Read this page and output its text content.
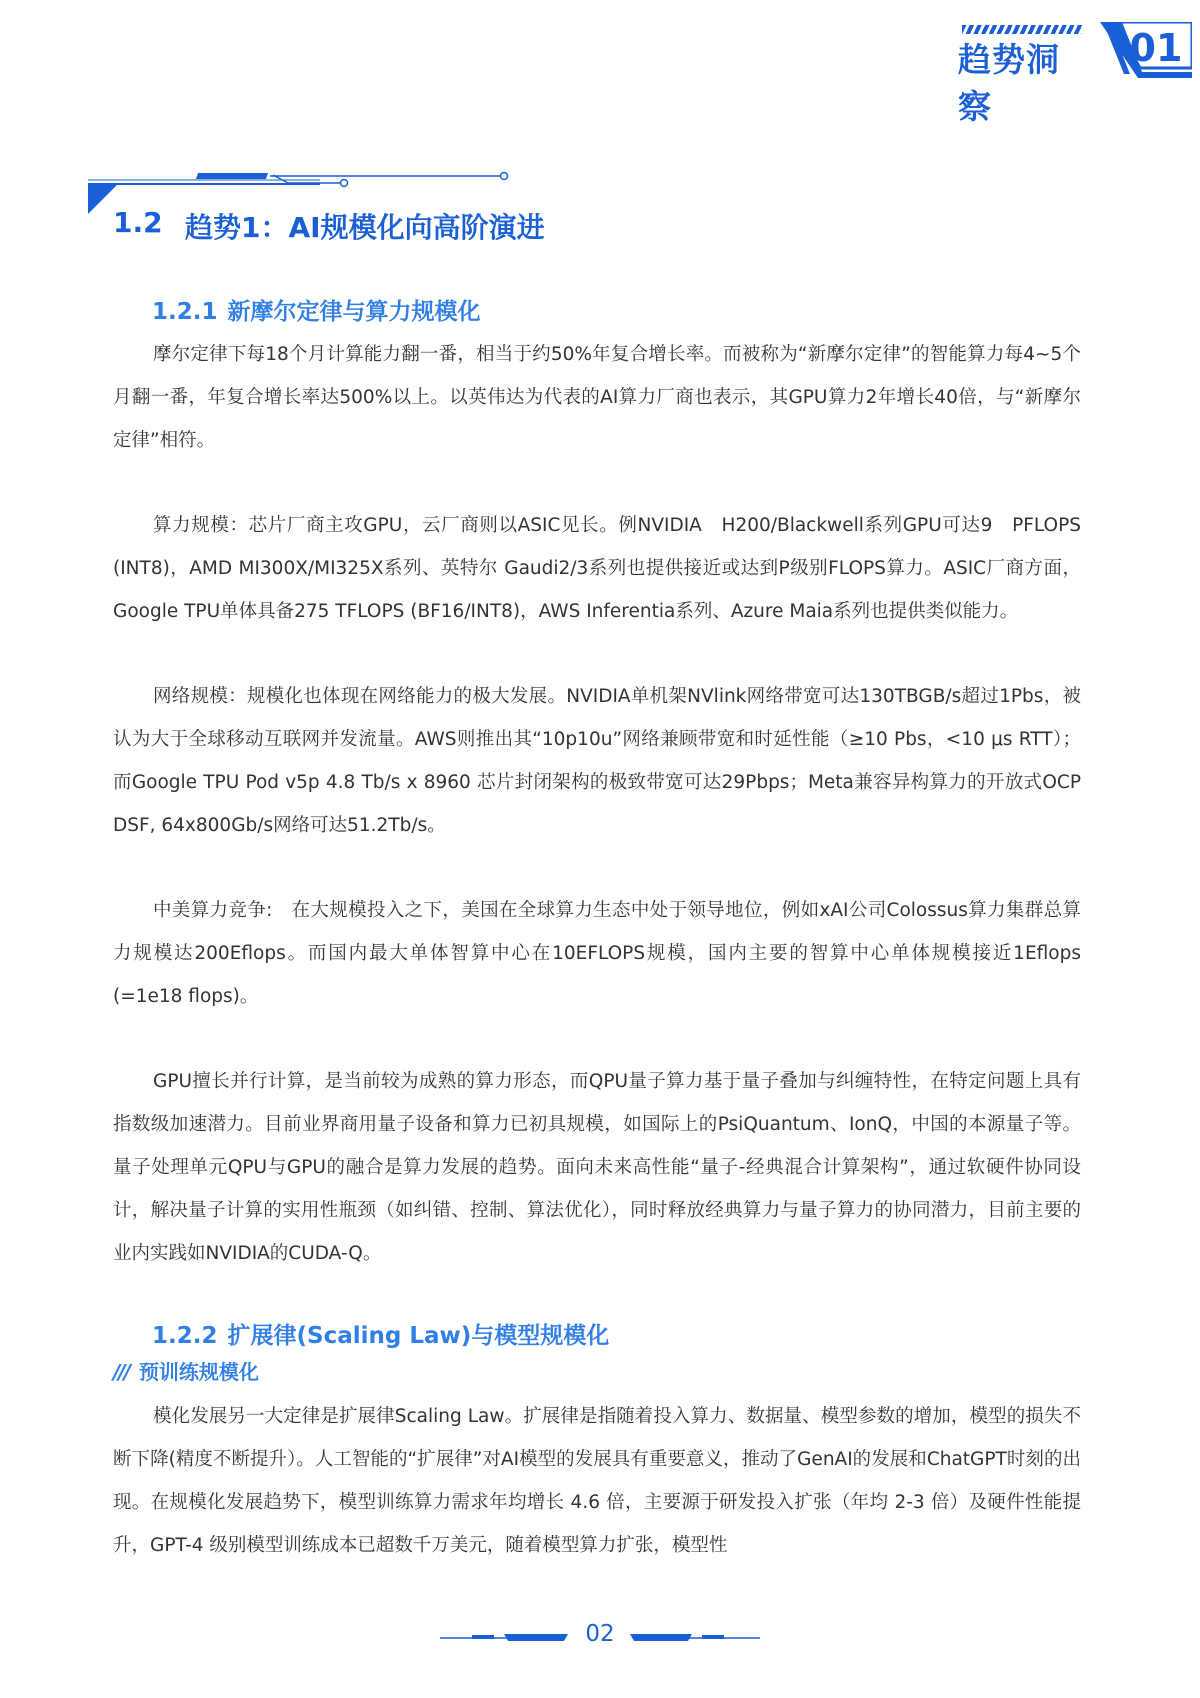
趋势洞察
01
1.2 趋势1：AI规模化向高阶演进
1.2.1 新摩尔定律与算力规模化
摩尔定律下每18个月计算能力翻一番，相当于约50%年复合增长率。而被称为“新摩尔定律”的智能算力每4~5个月翻一番，年复合增长率达500%以上。以英伟达为代表的AI算力厂商也表示，其GPU算力2年增长40倍，与“新摩尔定律”相符。
算力规模：芯片厂商主攻GPU，云厂商则以ASIC见长。例NVIDIA　H200/Blackwell系列GPU可达9　PFLOPS (INT8)，AMD MI300X/MI325X系列、英特尔 Gaudi2/3系列也提供接近或达到P级别FLOPS算力。ASIC厂商方面，Google TPU单体具备275 TFLOPS (BF16/INT8)，AWS Inferentia系列、Azure Maia系列也提供类似能力。
网络规模：规模化也体现在网络能力的极大发展。NVIDIA单机架NVlink网络带宽可达130TBGB/s超过1Pbs，被认为大于全球移动互联网并发流量。AWS则推出其“10p10u”网络兼顾带宽和时延性能（≥10 Pbs，<10 μs RTT）；而Google TPU Pod v5p 4.8 Tb/s x 8960 芯片封闭架构的极致带宽可达29Pbps；Meta兼容异构算力的开放式OCP DSF, 64x800Gb/s网络可达51.2Tb/s。
中美算力竞争:　在大规模投入之下，美国在全球算力生态中处于领导地位，例如xAI公司Colossus算力集群总算力规模达200Eflops。而国内最大单体智算中心在10EFLOPS规模，国内主要的智算中心单体规模接近1Eflops (=1e18 flops)。
GPU擅长并行计算，是当前较为成熟的算力形态，而QPU量子算力基于量子叠加与纠缠特性，在特定问题上具有指数级加速潜力。目前业界商用量子设备和算力已初具规模，如国际上的PsiQuantum、IonQ，中国的本源量子等。量子处理单元QPU与GPU的融合是算力发展的趋势。面向未来高性能“量子-经典混合计算架构”，通过软硬件协同设计，解决量子计算的实用性瓶颈（如纠错、控制、算法优化），同时释放经典算力与量子算力的协同潜力，目前主要的业内实践如NVIDIA的CUDA-Q。
1.2.2 扩展律(Scaling Law)与模型规模化
/// 预训练规模化
模化发展另一大定律是扩展律Scaling Law。扩展律是指随着投入算力、数据量、模型参数的增加，模型的损失不断下降(精度不断提升）。人工智能的“扩展律”对AI模型的发展具有重要意义，推动了GenAI的发展和ChatGPT时刻的出现。在规模化发展趋势下，模型训练算力需求年均增长 4.6 倍，主要源于研发投入扩张（年均 2-3 倍）及硬件性能提升，GPT-4 级别模型训练成本已超数千万美元，随着模型算力扩张，模型性
02
